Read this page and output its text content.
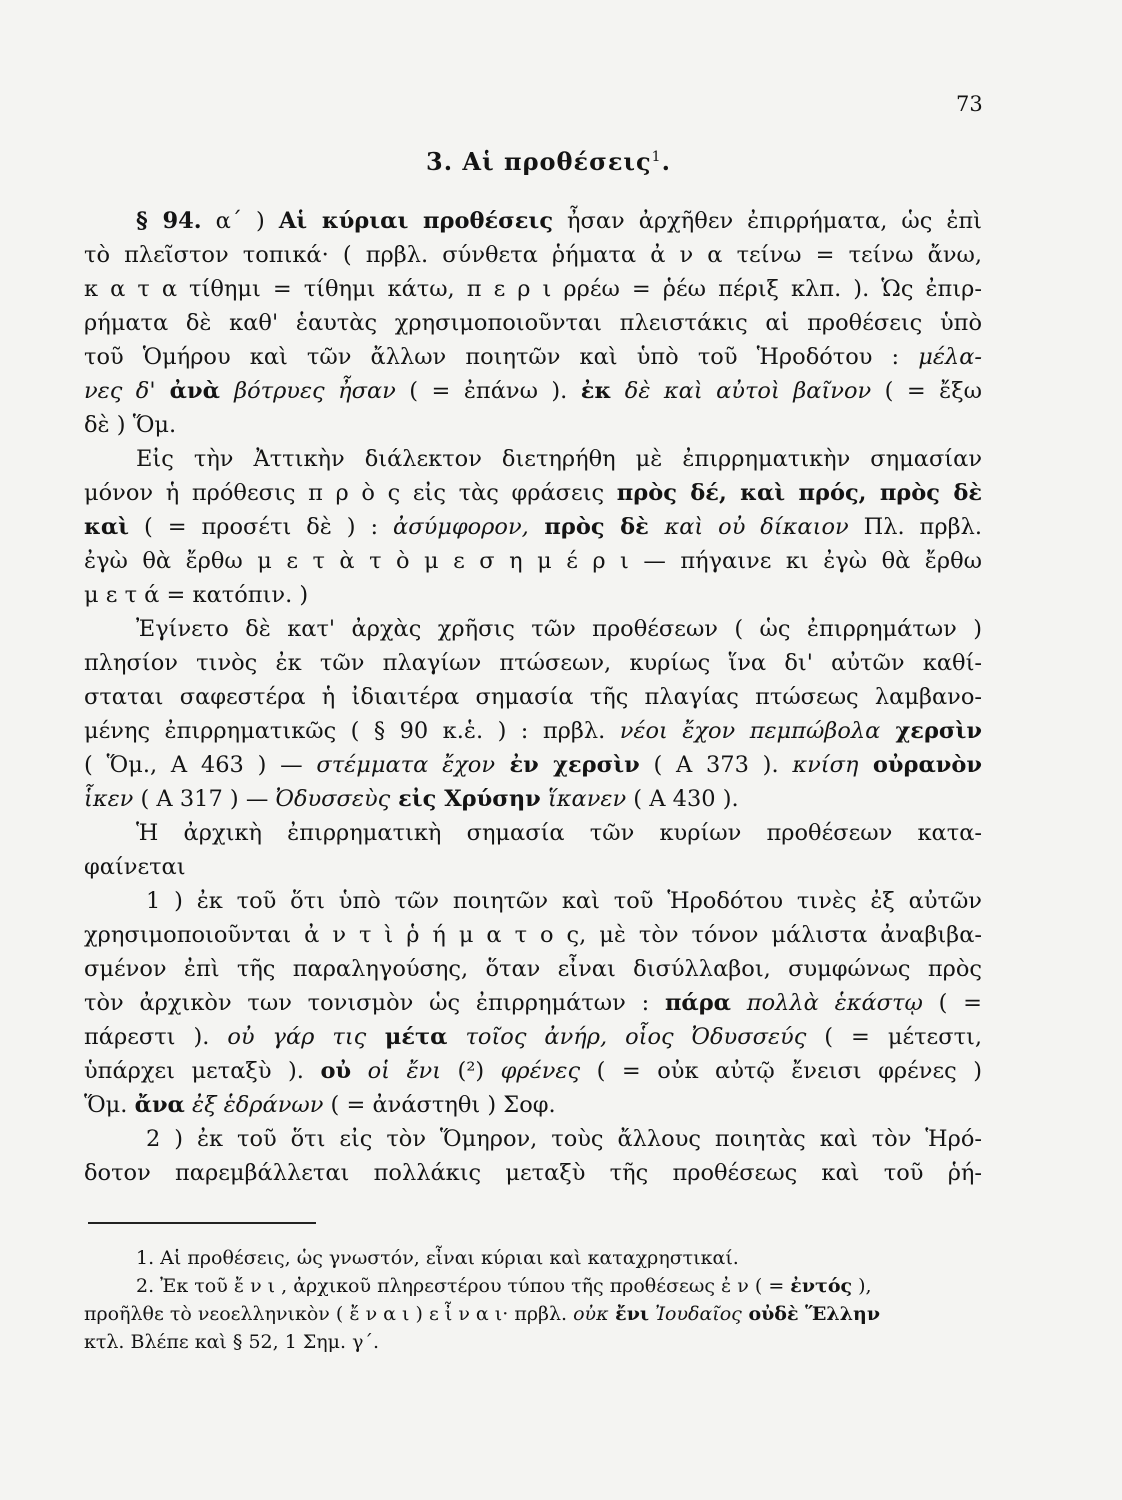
73
3. Αἱ προθέσεις$^1$.
§ 94. α΄ ) Αἱ κύριαι προθέσεις ἦσαν ἀρχῆθεν ἐπιρρήματα, ὡς ἐπὶ
τὸ πλεῖστον τοπικά· ( πρβλ. σύνθετα ῥήματα ἀ ν α τείνω = τείνω ἄνω,
κ α τ α τίθημι = τίθημι κάτω, π ε ρ ι ρρέω = ῥέω πέριξ κλπ. ). Ὡς ἐπιρ-
ρήματα δὲ καθ' ἑαυτὰς χρησιμοποιοῦνται πλειστάκις αἱ προθέσεις ὑπὸ
τοῦ Ὁμήρου καὶ τῶν ἄλλων ποιητῶν καὶ ὑπὸ τοῦ Ἡροδότου : μέλα-
νες δ' ἀνὰ βότρυες ἦσαν ( = ἐπάνω ). ἐκ δὲ καὶ αὐτοὶ βαῖνον ( = ἔξω
δὲ ) Ὅμ.
Εἰς τὴν Ἀττικὴν διάλεκτον διετηρήθη μὲ ἐπιρρηματικὴν σημασίαν
μόνον ἡ πρόθεσις π ρ ὸ ς εἰς τὰς φράσεις πρὸς δέ, καὶ πρός, πρὸς δὲ
καὶ ( = προσέτι δὲ ) : ἀσύμφορον, πρὸς δὲ καὶ οὐ δίκαιον Πλ. πρβλ.
ἐγὼ θὰ ἔρθω μ ε τ ὰ τ ὸ μ ε σ η μ έ ρ ι — πήγαινε κι ἐγὼ θὰ ἔρθω
μ ε τ ά = κατόπιν. )
Ἐγίνετο δὲ κατ' ἀρχὰς χρῆσις τῶν προθέσεων ( ὡς ἐπιρρημάτων )
πλησίον τινὸς ἐκ τῶν πλαγίων πτώσεων, κυρίως ἵνα δι' αὐτῶν καθί-
σταται σαφεστέρα ἡ ἰδιαιτέρα σημασία τῆς πλαγίας πτώσεως λαμβανο-
μένης ἐπιρρηματικῶς ( § 90 κ.ἑ. ) : πρβλ. νέοι ἔχον πεμπώβολα χερσὶν
( Ὅμ., Α 463 ) — στέμματα ἔχον ἐν χερσὶν ( Α 373 ). κνίση οὐρανὸν
ἷκεν ( Α 317 ) — Ὀδυσσεὺς εἰς Χρύσην ἵκανεν ( Α 430 ).
Ἡ ἀρχικὴ ἐπιρρηματικὴ σημασία τῶν κυρίων προθέσεων κατα-
φαίνεται
1 ) ἐκ τοῦ ὅτι ὑπὸ τῶν ποιητῶν καὶ τοῦ Ἡροδότου τινὲς ἐξ αὐτῶν
χρησιμοποιοῦνται ἀ ν τ ὶ ῥ ή μ α τ ο ς, μὲ τὸν τόνον μάλιστα ἀναβιβα-
σμένον ἐπὶ τῆς παραληγούσης, ὅταν εἶναι δισύλλαβοι, συμφώνως πρὸς
τὸν ἀρχικὸν των τονισμὸν ὡς ἐπιρρημάτων : πάρα πολλὰ ἑκάστῳ ( =
πάρεστι ). οὐ γάρ τις μέτα τοῖος ἀνήρ, οἷος Ὀδυσσεύς ( = μέτεστι,
ὑπάρχει μεταξὺ ). οὐ οἱ ἔνι (²) φρένες ( = οὐκ αὐτῷ ἔνεισι φρένες )
Ὅμ. ἄνα ἐξ ἑδράνων ( = ἀνάστηθι ) Σοφ.
2 ) ἐκ τοῦ ὅτι εἰς τὸν Ὅμηρον, τοὺς ἄλλους ποιητὰς καὶ τὸν Ἡρό-
δοτον παρεμβάλλεται πολλάκις μεταξὺ τῆς προθέσεως καὶ τοῦ ῥή-
1. Αἱ προθέσεις, ὡς γνωστόν, εἶναι κύριαι καὶ καταχρηστικαί.
2. Ἐκ τοῦ ἔ ν ι , ἀρχικοῦ πληρεστέρου τύπου τῆς προθέσεως ἐ ν ( = ἐντός ),
προῆλθε τὸ νεοελληνικὸν ( ἔ ν α ι ) ε ἶ ν α ι· πρβλ. οὐκ ἔνι Ἰουδαῖος οὐδὲ Ἕλλην
κτλ. Βλέπε καὶ § 52, 1 Σημ. γ΄.
